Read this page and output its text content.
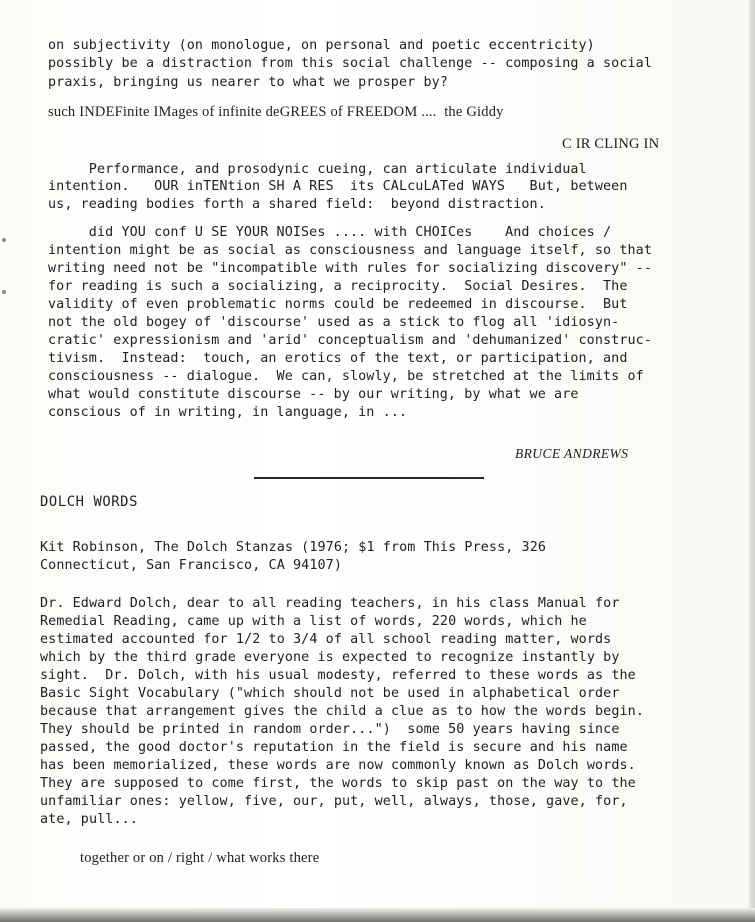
on subjectivity (on monologue, on personal and poetic eccentricity)
possibly be a distraction from this social challenge -- composing a social
praxis, bringing us nearer to what we prosper by?
such INDEFinite IMages of infinite deGREES of FREEDOM ....  the Giddy
C IR CLING IN
Performance, and prosodynic cueing, can articulate individual
intention.   OUR inTENtion SH A RES  its CALcuLATed WAYS   But, between
us, reading bodies forth a shared field:  beyond distraction.
did YOU conf U SE YOUR NOISes .... with CHOICes    And choices /
intention might be as social as consciousness and language itself, so that
writing need not be "incompatible with rules for socializing discovery" --
for reading is such a socializing, a reciprocity.  Social Desires.  The
validity of even problematic norms could be redeemed in discourse.  But
not the old bogey of 'discourse' used as a stick to flog all 'idiosyn-
cratic' expressionism and 'arid' conceptualism and 'dehumanized' construc-
tivism.  Instead:  touch, an erotics of the text, or participation, and
consciousness -- dialogue.  We can, slowly, be stretched at the limits of
what would constitute discourse -- by our writing, by what we are
conscious of in writing, in language, in ...
BRUCE ANDREWS
DOLCH WORDS
Kit Robinson, The Dolch Stanzas (1976; $1 from This Press, 326
Connecticut, San Francisco, CA 94107)
Dr. Edward Dolch, dear to all reading teachers, in his class Manual for
Remedial Reading, came up with a list of words, 220 words, which he
estimated accounted for 1/2 to 3/4 of all school reading matter, words
which by the third grade everyone is expected to recognize instantly by
sight.  Dr. Dolch, with his usual modesty, referred to these words as the
Basic Sight Vocabulary ("which should not be used in alphabetical order
because that arrangement gives the child a clue as to how the words begin.
They should be printed in random order...")  some 50 years having since
passed, the good doctor's reputation in the field is secure and his name
has been memorialized, these words are now commonly known as Dolch words.
They are supposed to come first, the words to skip past on the way to the
unfamiliar ones: yellow, five, our, put, well, always, those, gave, for,
ate, pull...
together or on / right / what works there
